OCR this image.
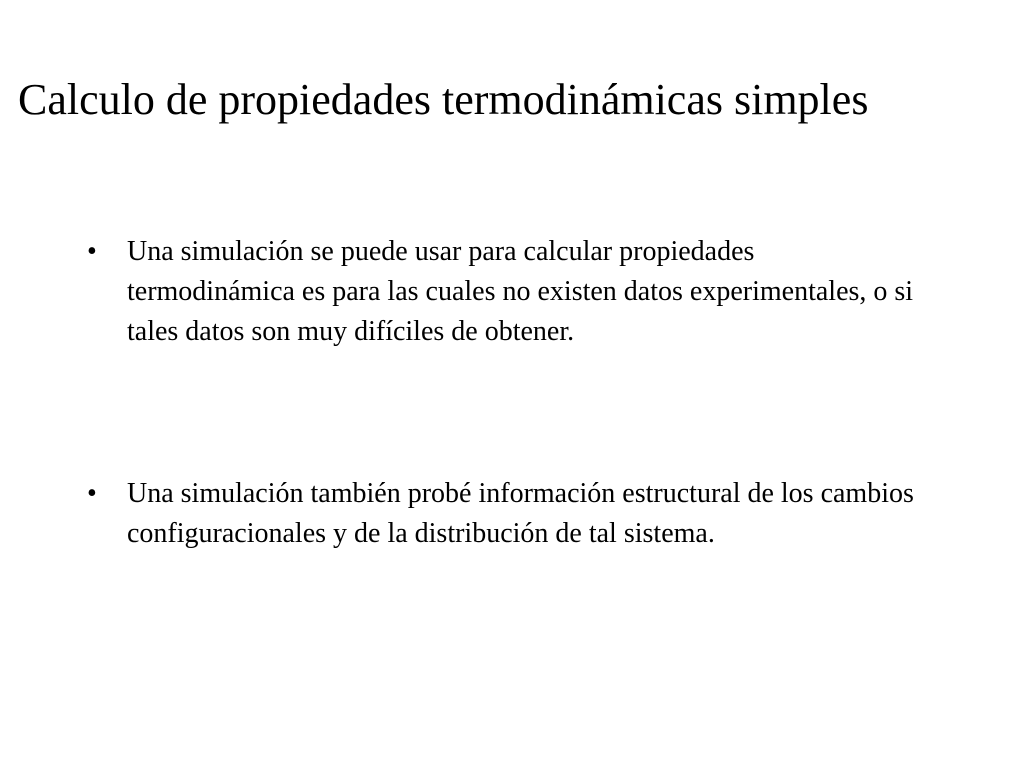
Calculo de propiedades termodinámicas simples
•	Una simulación se puede usar para calcular propiedades termodinámica es para las cuales no existen datos experimentales, o si tales datos son muy difíciles de obtener.
•	Una simulación también probé información estructural de los cambios configuracionales y de la distribución de tal sistema.
